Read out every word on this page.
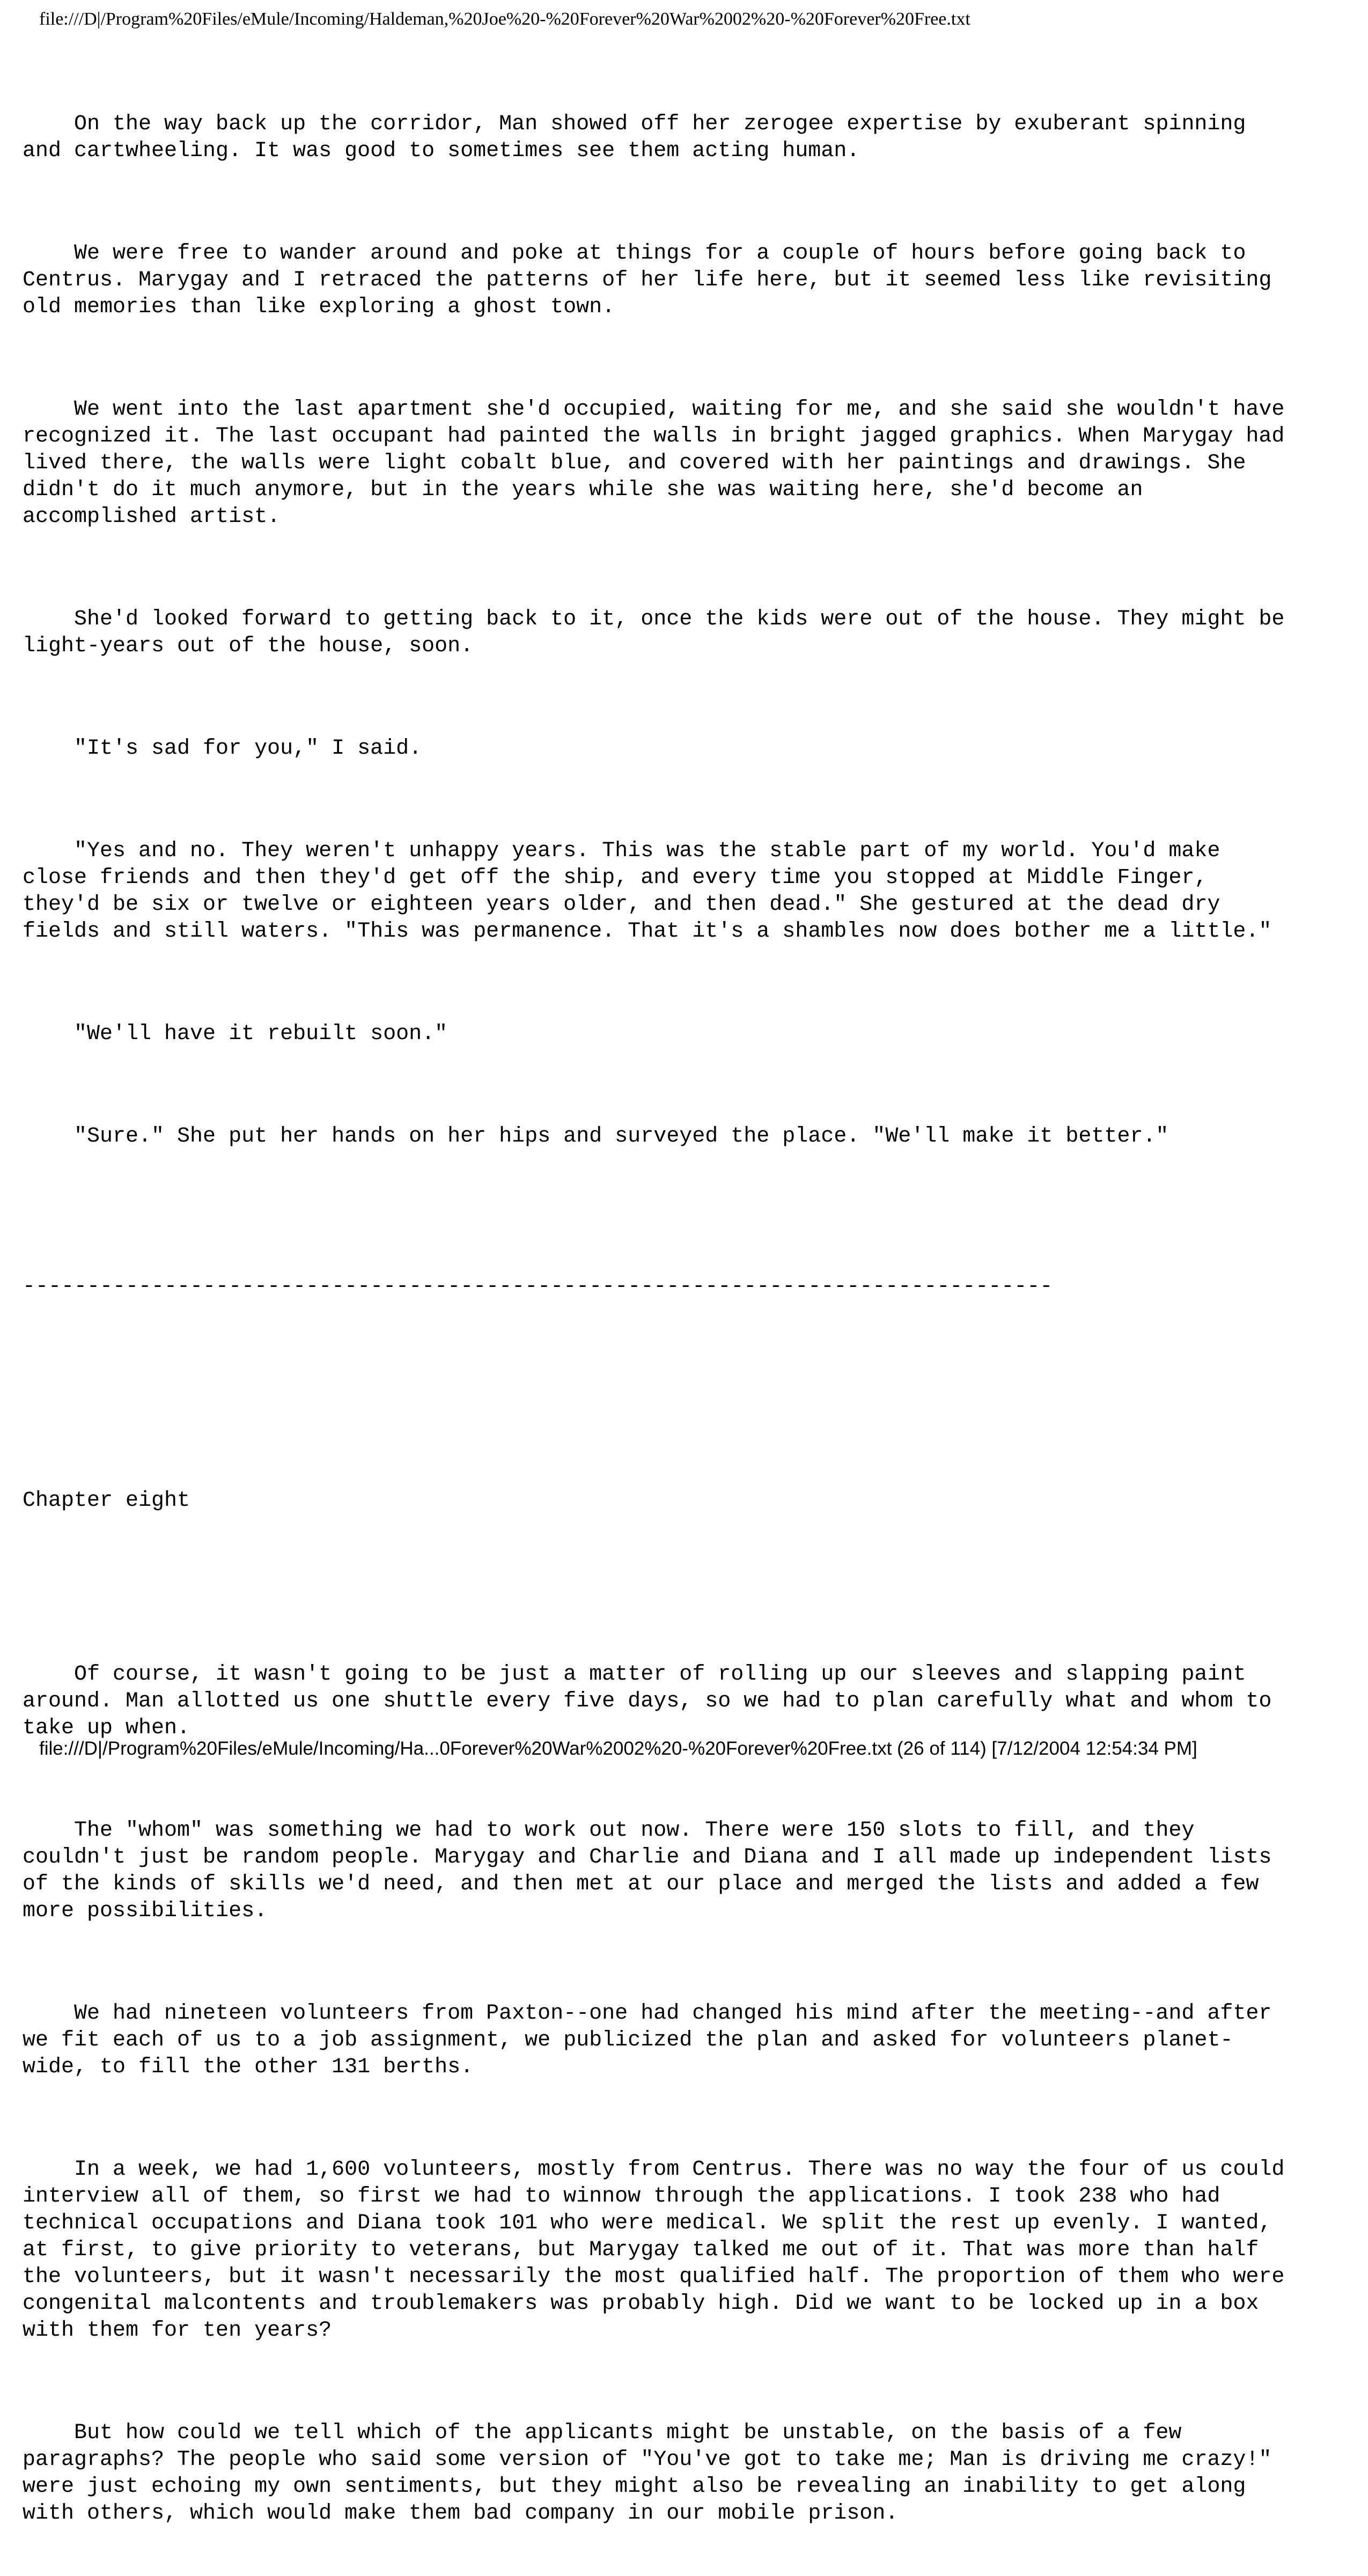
file:///D|/Program%20Files/eMule/Incoming/Haldeman,%20Joe%20-%20Forever%20War%2002%20-%20Forever%20Free.txt

On the way back up the corridor, Man showed off her zerogee expertise by exuberant spinning
and cartwheeling. It was good to sometimes see them acting human.

We were free to wander around and poke at things for a couple of hours before going back to
Centrus. Marygay and I retraced the patterns of her life here, but it seemed less like revisiting
old memories than like exploring a ghost town.

We went into the last apartment she'd occupied, waiting for me, and she said she wouldn't have
recognized it. The last occupant had painted the walls in bright jagged graphics. When Marygay had
lived there, the walls were light cobalt blue, and covered with her paintings and drawings. She
didn't do it much anymore, but in the years while she was waiting here, she'd become an
accomplished artist.

She'd looked forward to getting back to it, once the kids were out of the house. They might be
light-years out of the house, soon.

"It's sad for you," I said.

"Yes and no. They weren't unhappy years. This was the stable part of my world. You'd make
close friends and then they'd get off the ship, and every time you stopped at Middle Finger,
they'd be six or twelve or eighteen years older, and then dead." She gestured at the dead dry
fields and still waters. "This was permanence. That it's a shambles now does bother me a little."

"We'll have it rebuilt soon."

"Sure." She put her hands on her hips and surveyed the place. "We'll make it better."

--------------------------------------------------------------------------------

Chapter eight

Of course, it wasn't going to be just a matter of rolling up our sleeves and slapping paint
around. Man allotted us one shuttle every five days, so we had to plan carefully what and whom to
take up when.

The "whom" was something we had to work out now. There were 150 slots to fill, and they
couldn't just be random people. Marygay and Charlie and Diana and I all made up independent lists
of the kinds of skills we'd need, and then met at our place and merged the lists and added a few
more possibilities.

We had nineteen volunteers from Paxton--one had changed his mind after the meeting--and after
we fit each of us to a job assignment, we publicized the plan and asked for volunteers planet-
wide, to fill the other 131 berths.

In a week, we had 1,600 volunteers, mostly from Centrus. There was no way the four of us could
interview all of them, so first we had to winnow through the applications. I took 238 who had
technical occupations and Diana took 101 who were medical. We split the rest up evenly. I wanted,
at first, to give priority to veterans, but Marygay talked me out of it. That was more than half
the volunteers, but it wasn't necessarily the most qualified half. The proportion of them who were
congenital malcontents and troublemakers was probably high. Did we want to be locked up in a box
with them for ten years?

But how could we tell which of the applicants might be unstable, on the basis of a few
paragraphs? The people who said some version of "You've got to take me; Man is driving me crazy!"
were just echoing my own sentiments, but they might also be revealing an inability to get along
with others, which would make them bad company in our mobile prison.

file:///D|/Program%20Files/eMule/Incoming/Ha...0Forever%20War%2002%20-%20Forever%20Free.txt (26 of 114) [7/12/2004 12:54:34 PM]
